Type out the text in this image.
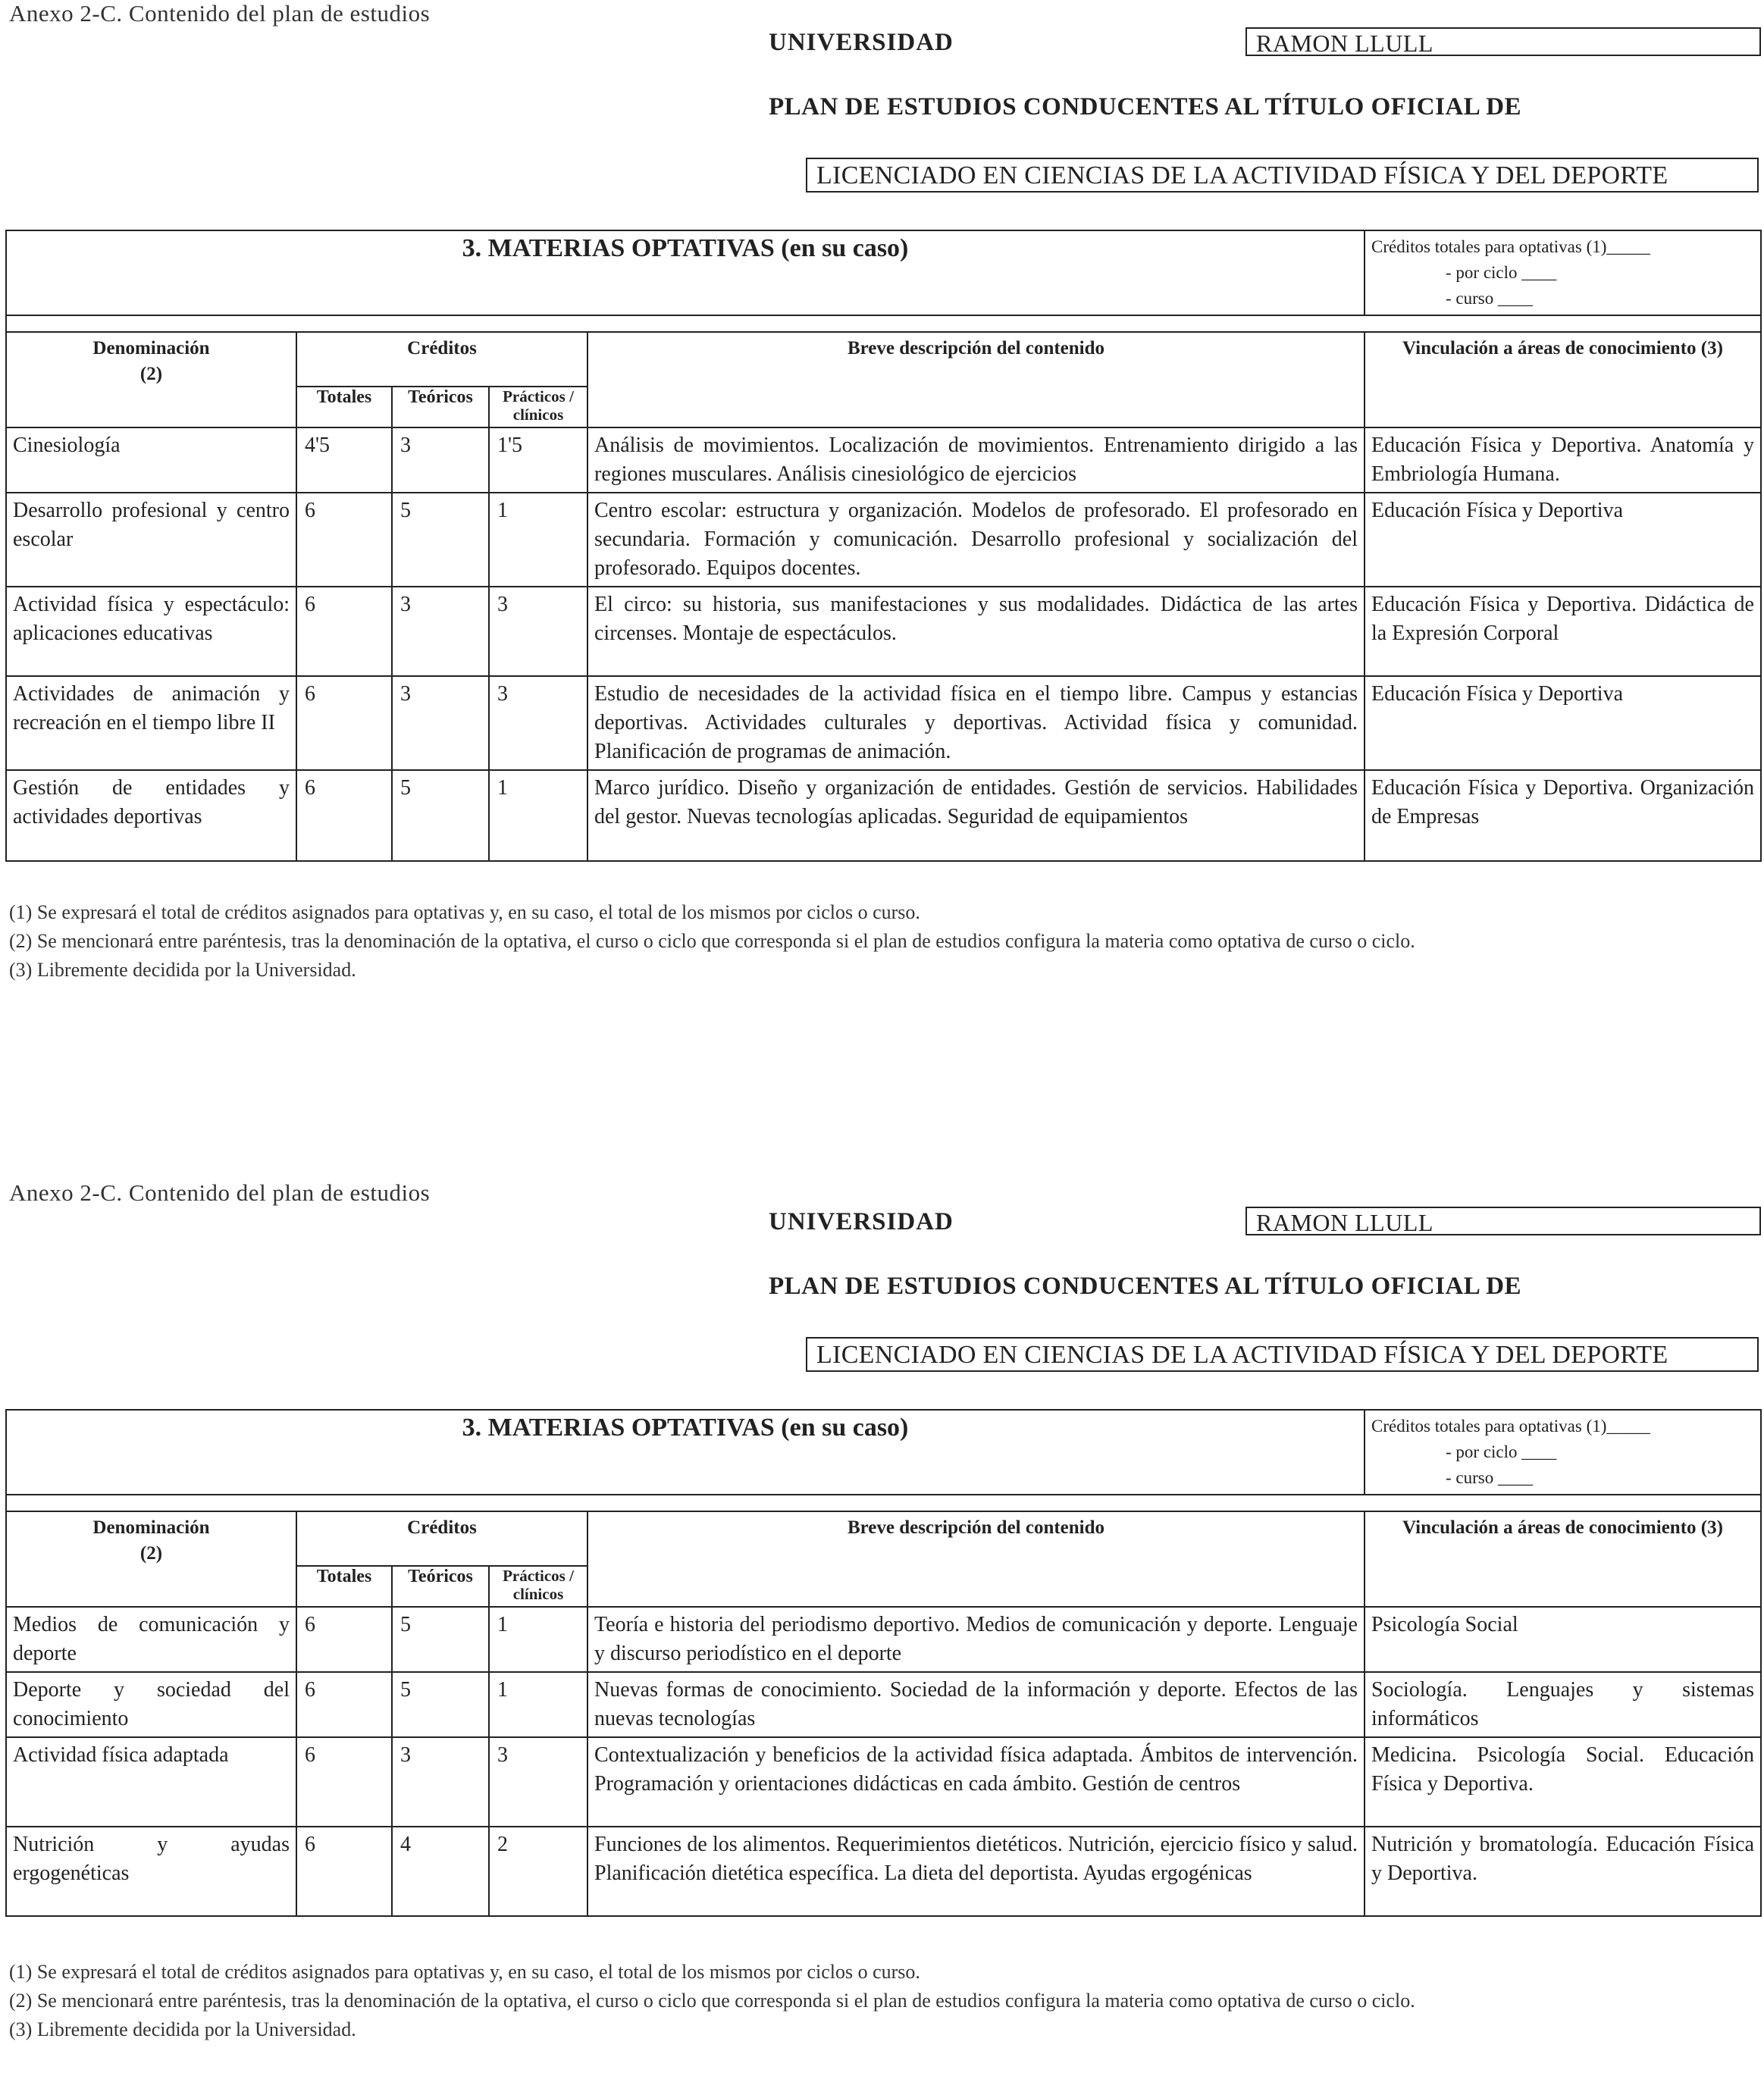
Anexo 2-C. Contenido del plan de estudios
UNIVERSIDAD	RAMON LLULL
PLAN DE ESTUDIOS CONDUCENTES AL TÍTULO OFICIAL DE
LICENCIADO EN CIENCIAS DE LA ACTIVIDAD FÍSICA Y DEL DEPORTE
3. MATERIAS OPTATIVAS (en su caso)					Créditos totales para optativas (1)_____
- por ciclo ____
- curso ____

Denominación
(2)	Créditos			Breve descripción del contenido	Vinculación a áreas de conocimiento (3)
	Totales	Teóricos	Prácticos / clínicos		
Cinesiología	4'5	3	1'5	Análisis de movimientos. Localización de movimientos. Entrenamiento dirigido a las regiones musculares. Análisis cinesiológico de ejercicios	Educación Física y Deportiva. Anatomía y Embriología Humana.
Desarrollo profesional y centro escolar	6	5	1	Centro escolar: estructura y organización. Modelos de profesorado. El profesorado en secundaria. Formación y comunicación. Desarrollo profesional y socialización del profesorado. Equipos docentes.	Educación Física y Deportiva
Actividad física y espectáculo: aplicaciones educativas	6	3	3	El circo: su historia, sus manifestaciones y sus modalidades. Didáctica de las artes circenses. Montaje de espectáculos.	Educación Física y Deportiva. Didáctica de la Expresión Corporal
Actividades de animación y recreación en el tiempo libre II	6	3	3	Estudio de necesidades de la actividad física en el tiempo libre. Campus y estancias deportivas. Actividades culturales y deportivas. Actividad física y comunidad. Planificación de programas de animación.	Educación Física y Deportiva
Gestión de entidades y actividades deportivas	6	5	1	Marco jurídico. Diseño y organización de entidades. Gestión de servicios. Habilidades del gestor. Nuevas tecnologías aplicadas. Seguridad de equipamientos	Educación Física y Deportiva. Organización de Empresas

(1) Se expresará el total de créditos asignados para optativas y, en su caso, el total de los mismos por ciclos o curso.

(2) Se mencionará entre paréntesis, tras la denominación de la optativa, el curso o ciclo que corresponda si el plan de estudios configura la materia como optativa de curso o ciclo.

(3) Libremente decidida por la Universidad.

Anexo 2-C. Contenido del plan de estudios
UNIVERSIDAD	RAMON LLULL
PLAN DE ESTUDIOS CONDUCENTES AL TÍTULO OFICIAL DE
LICENCIADO EN CIENCIAS DE LA ACTIVIDAD FÍSICA Y DEL DEPORTE
3. MATERIAS OPTATIVAS (en su caso)					Créditos totales para optativas (1)_____
- por ciclo ____
- curso ____

Denominación
(2)	Créditos			Breve descripción del contenido	Vinculación a áreas de conocimiento (3)
	Totales	Teóricos	Prácticos / clínicos		
Medios de comunicación y deporte	6	5	1	Teoría e historia del periodismo deportivo. Medios de comunicación y deporte. Lenguaje y discurso periodístico en el deporte	Psicología Social
Deporte y sociedad del conocimiento	6	5	1	Nuevas formas de conocimiento. Sociedad de la información y deporte. Efectos de las nuevas tecnologías	Sociología. Lenguajes y sistemas informáticos
Actividad física adaptada	6	3	3	Contextualización y beneficios de la actividad física adaptada. Ámbitos de intervención. Programación y orientaciones didácticas en cada ámbito. Gestión de centros	Medicina. Psicología Social. Educación Física y Deportiva.
Nutrición y ayudas ergogenéticas	6	4	2	Funciones de los alimentos. Requerimientos dietéticos. Nutrición, ejercicio físico y salud. Planificación dietética específica. La dieta del deportista. Ayudas ergogénicas	Nutrición y bromatología. Educación Física y Deportiva.

(1) Se expresará el total de créditos asignados para optativas y, en su caso, el total de los mismos por ciclos o curso.

(2) Se mencionará entre paréntesis, tras la denominación de la optativa, el curso o ciclo que corresponda si el plan de estudios configura la materia como optativa de curso o ciclo.

(3) Libremente decidida por la Universidad.
